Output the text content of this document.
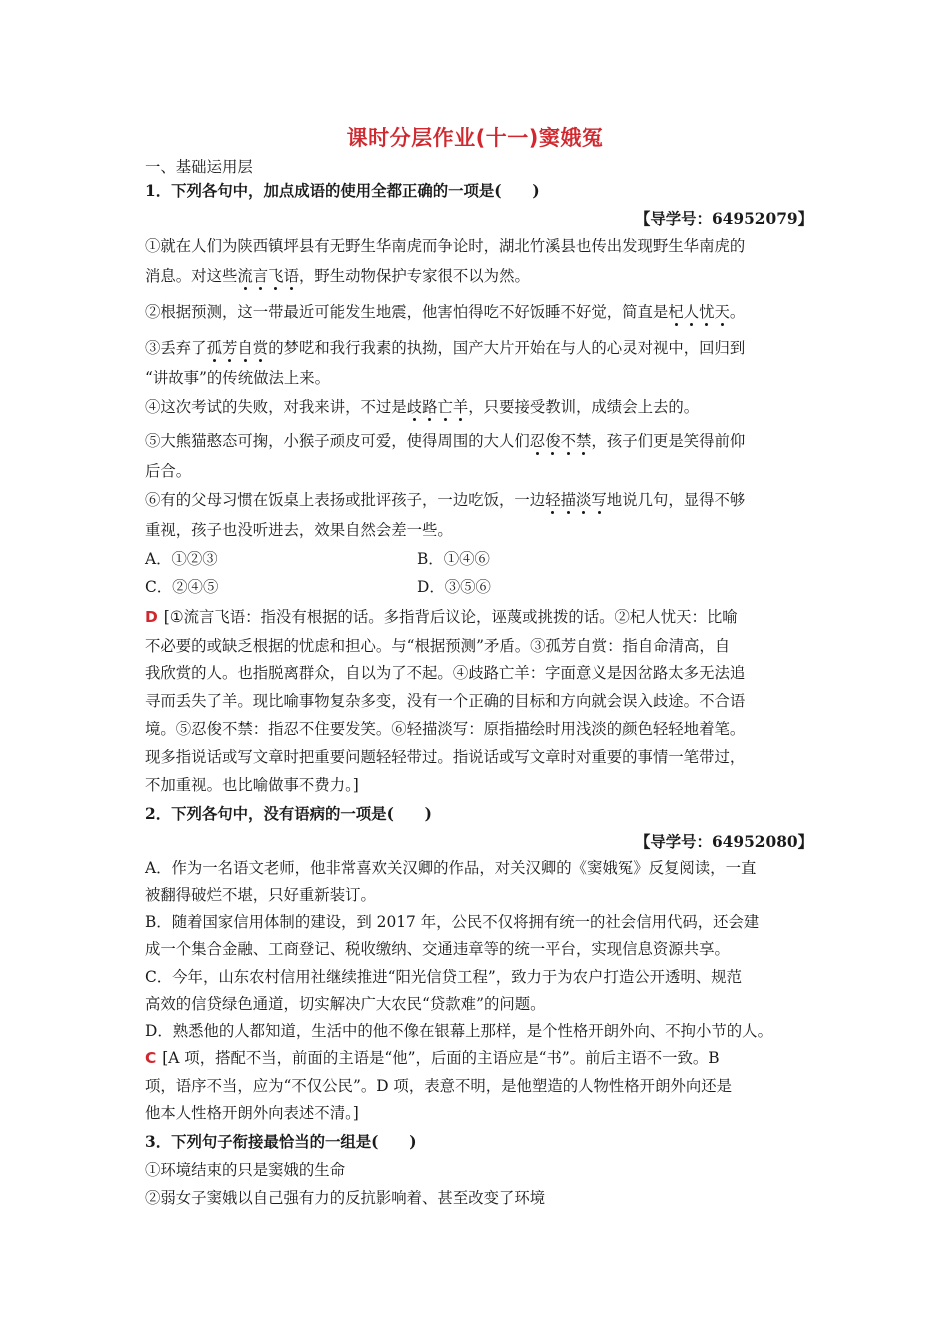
课时分层作业(十一)窦娥冤
一、基础运用层
1．下列各句中，加点成语的使用全都正确的一项是(　　)
【导学号：64952079】
①就在人们为陕西镇坪县有无野生华南虎而争论时，湖北竹溪县也传出发现野生华南虎的
消息。对这些流言飞语，野生动物保护专家很不以为然。
②根据预测，这一带最近可能发生地震，他害怕得吃不好饭睡不好觉，简直是杞人忧天。
③丢弃了孤芳自赏的梦呓和我行我素的执拗，国产大片开始在与人的心灵对视中，回归到
“讲故事”的传统做法上来。
④这次考试的失败，对我来讲，不过是歧路亡羊，只要接受教训，成绩会上去的。
⑤大熊猫憨态可掬，小猴子顽皮可爱，使得周围的大人们忍俊不禁，孩子们更是笑得前仰
后合。
⑥有的父母习惯在饭桌上表扬或批评孩子，一边吃饭，一边轻描淡写地说几句，显得不够
重视，孩子也没听进去，效果自然会差一些。
A．①②③	B．①④⑥
C．②④⑤	D．③⑤⑥
D [①流言飞语：指没有根据的话。多指背后议论，诬蔑或挑拨的话。②杞人忧天：比喻
不必要的或缺乏根据的忧虑和担心。与“根据预测”矛盾。③孤芳自赏：指自命清高，自
我欣赏的人。也指脱离群众，自以为了不起。④歧路亡羊：字面意义是因岔路太多无法追
寻而丢失了羊。现比喻事物复杂多变，没有一个正确的目标和方向就会误入歧途。不合语
境。⑤忍俊不禁：指忍不住要发笑。⑥轻描淡写：原指描绘时用浅淡的颜色轻轻地着笔。
现多指说话或写文章时把重要问题轻轻带过。指说话或写文章时对重要的事情一笔带过，
不加重视。也比喻做事不费力。]
2．下列各句中，没有语病的一项是(　　)
【导学号：64952080】
A．作为一名语文老师，他非常喜欢关汉卿的作品，对关汉卿的《窦娥冤》反复阅读，一直
被翻得破烂不堪，只好重新装订。
B．随着国家信用体制的建设，到 2017 年，公民不仅将拥有统一的社会信用代码，还会建
成一个集合金融、工商登记、税收缴纳、交通违章等的统一平台，实现信息资源共享。
C．今年，山东农村信用社继续推进“阳光信贷工程”，致力于为农户打造公开透明、规范
高效的信贷绿色通道，切实解决广大农民“贷款难”的问题。
D．熟悉他的人都知道，生活中的他不像在银幕上那样，是个性格开朗外向、不拘小节的人。
C [A 项，搭配不当，前面的主语是“他”，后面的主语应是“书”。前后主语不一致。B
项，语序不当，应为“不仅公民”。D 项，表意不明，是他塑造的人物性格开朗外向还是
他本人性格开朗外向表述不清。]
3．下列句子衔接最恰当的一组是(　　)
①环境结束的只是窦娥的生命
②弱女子窦娥以自己强有力的反抗影响着、甚至改变了环境
